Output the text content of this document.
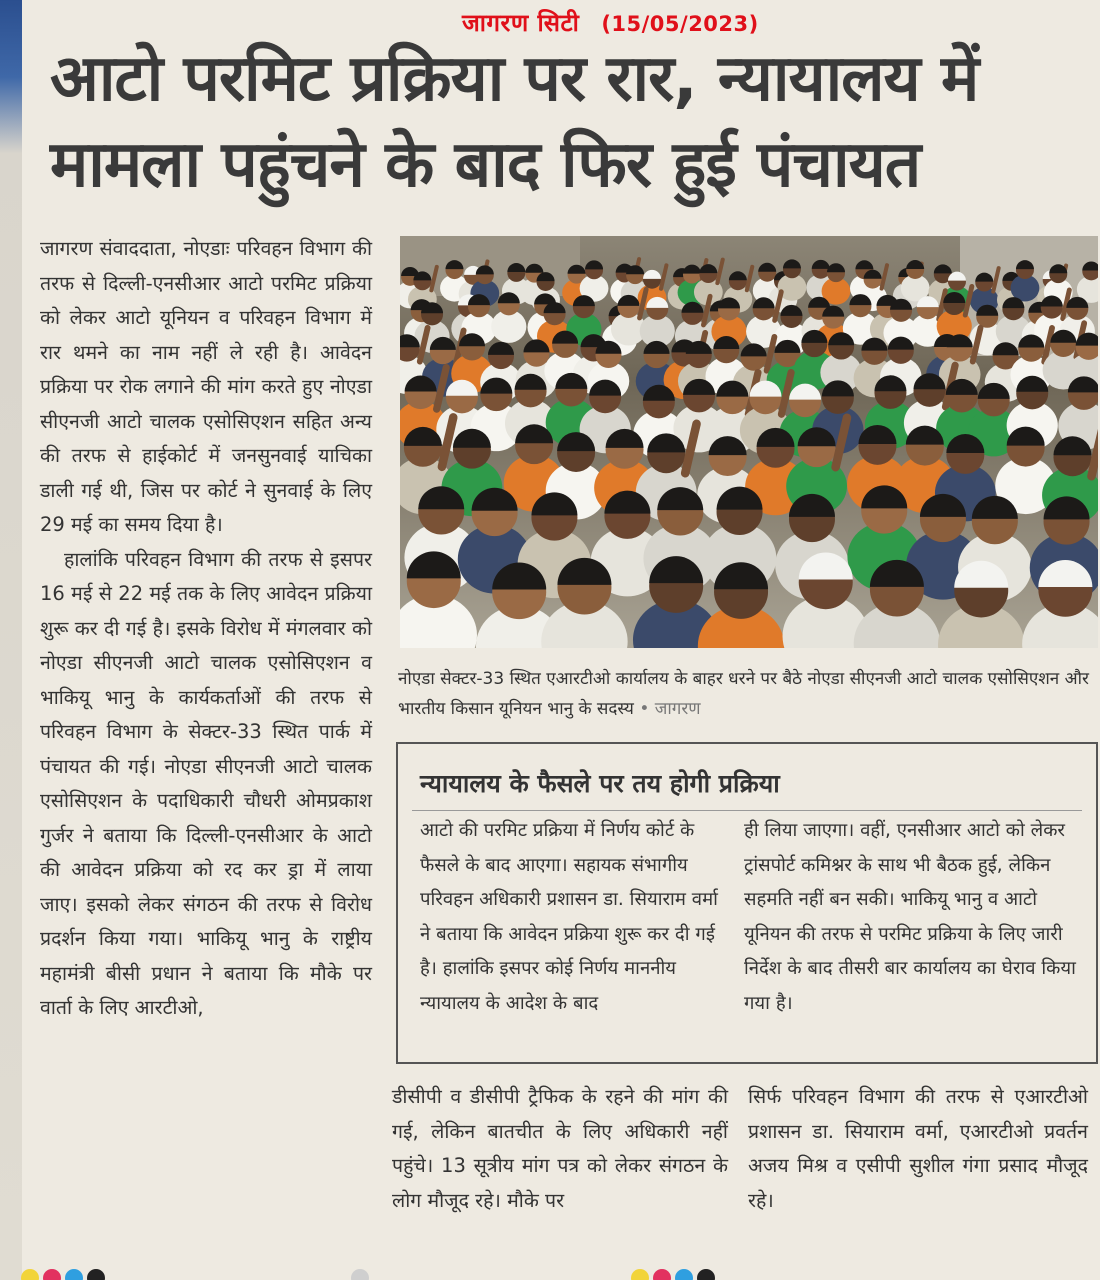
जागरण सिटी (15/05/2023)
आटो परमिट प्रक्रिया पर रार, न्यायालय में मामला पहुंचने के बाद फिर हुई पंचायत

जागरण संवाददाता, नोएडाः परिवहन विभाग की तरफ से दिल्ली-एनसीआर आटो परमिट प्रक्रिया को लेकर आटो यूनियन व परिवहन विभाग में रार थमने का नाम नहीं ले रही है। आवेदन प्रक्रिया पर रोक लगाने की मांग करते हुए नोएडा सीएनजी आटो चालक एसोसिएशन सहित अन्य की तरफ से हाईकोर्ट में जनसुनवाई याचिका डाली गई थी, जिस पर कोर्ट ने सुनवाई के लिए 29 मई का समय दिया है।

हालांकि परिवहन विभाग की तरफ से इसपर 16 मई से 22 मई तक के लिए आवेदन प्रक्रिया शुरू कर दी गई है। इसके विरोध में मंगलवार को नोएडा सीएनजी आटो चालक एसोसिएशन व भाकियू भानु के कार्यकर्ताओं की तरफ से परिवहन विभाग के सेक्टर-33 स्थित पार्क में पंचायत की गई। नोएडा सीएनजी आटो चालक एसोसिएशन के पदाधिकारी चौधरी ओमप्रकाश गुर्जर ने बताया कि दिल्ली-एनसीआर के आटो की आवेदन प्रक्रिया को रद कर ड्रा में लाया जाए। इसको लेकर संगठन की तरफ से विरोध प्रदर्शन किया गया। भाकियू भानु के राष्ट्रीय महामंत्री बीसी प्रधान ने बताया कि मौके पर वार्ता के लिए आरटीओ,

नोएडा सेक्टर-33 स्थित एआरटीओ कार्यालय के बाहर धरने पर बैठे नोएडा सीएनजी आटो चालक एसोसिएशन और भारतीय किसान यूनियन भानु के सदस्य • जागरण
न्यायालय के फैसले पर तय होगी प्रक्रिया

आटो की परमिट प्रक्रिया में निर्णय कोर्ट के फैसले के बाद आएगा। सहायक संभागीय परिवहन अधिकारी प्रशासन डा. सियाराम वर्मा ने बताया कि आवेदन प्रक्रिया शुरू कर दी गई है। हालांकि इसपर कोई निर्णय माननीय न्यायालय के आदेश के बाद

ही लिया जाएगा। वहीं, एनसीआर आटो को लेकर ट्रांसपोर्ट कमिश्नर के साथ भी बैठक हुई, लेकिन सहमति नहीं बन सकी। भाकियू भानु व आटो यूनियन की तरफ से परमिट प्रक्रिया के लिए जारी निर्देश के बाद तीसरी बार कार्यालय का घेराव किया गया है।

डीसीपी व डीसीपी ट्रैफिक के रहने की मांग की गई, लेकिन बातचीत के लिए अधिकारी नहीं पहुंचे। 13 सूत्रीय मांग पत्र को लेकर संगठन के लोग मौजूद रहे। मौके पर

सिर्फ परिवहन विभाग की तरफ से एआरटीओ प्रशासन डा. सियाराम वर्मा, एआरटीओ प्रवर्तन अजय मिश्र व एसीपी सुशील गंगा प्रसाद मौजूद रहे।
